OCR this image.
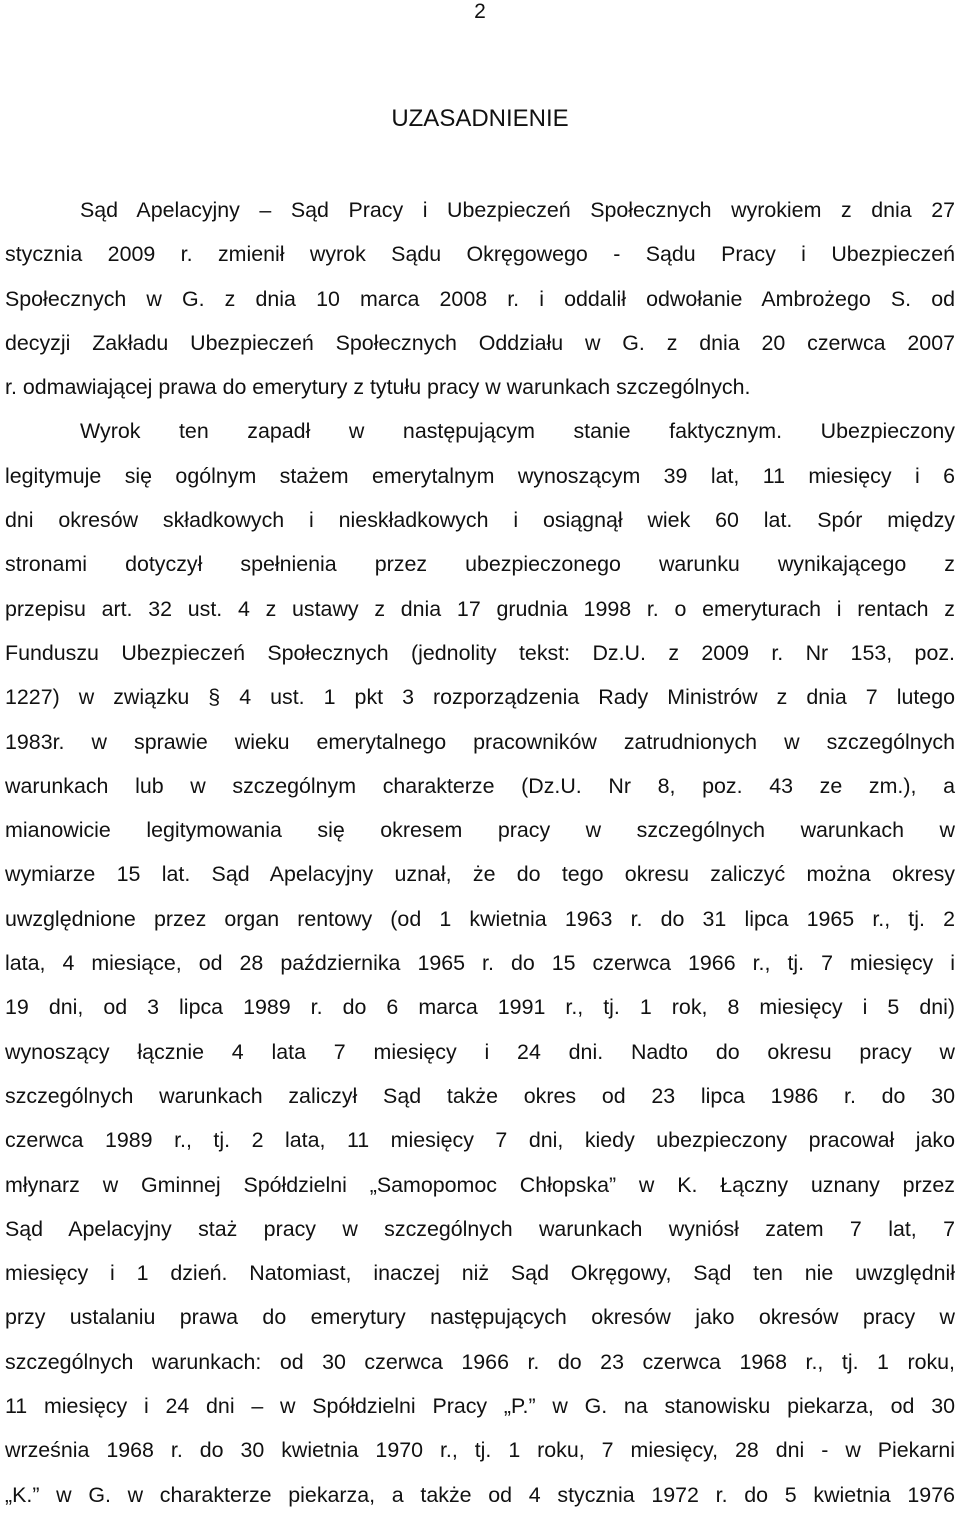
2
UZASADNIENIE
Sąd Apelacyjny – Sąd Pracy i Ubezpieczeń Społecznych wyrokiem z dnia 27
stycznia 2009 r. zmienił wyrok Sądu Okręgowego - Sądu Pracy i Ubezpieczeń
Społecznych w G. z dnia 10 marca 2008 r. i oddalił odwołanie Ambrożego S. od
decyzji Zakładu Ubezpieczeń Społecznych Oddziału w G. z dnia 20 czerwca 2007
r. odmawiającej prawa do emerytury z tytułu pracy w warunkach szczególnych.
Wyrok ten zapadł w następującym stanie faktycznym. Ubezpieczony
legitymuje się ogólnym stażem emerytalnym wynoszącym 39 lat, 11 miesięcy i 6
dni okresów składkowych i nieskładkowych i osiągnął wiek 60 lat. Spór między
stronami dotyczył spełnienia przez ubezpieczonego warunku wynikającego z
przepisu art. 32 ust. 4 z ustawy z dnia 17 grudnia 1998 r. o emeryturach i rentach z
Funduszu Ubezpieczeń Społecznych (jednolity tekst: Dz.U. z 2009 r. Nr 153, poz.
1227) w związku § 4 ust. 1 pkt 3 rozporządzenia Rady Ministrów z dnia 7 lutego
1983r. w sprawie wieku emerytalnego pracowników zatrudnionych w szczególnych
warunkach lub w szczególnym charakterze (Dz.U. Nr 8, poz. 43 ze zm.), a
mianowicie legitymowania się okresem pracy w szczególnych warunkach w
wymiarze 15 lat. Sąd Apelacyjny uznał, że do tego okresu zaliczyć można okresy
uwzględnione przez organ rentowy (od 1 kwietnia 1963 r. do 31 lipca 1965 r., tj. 2
lata, 4 miesiące, od 28 października 1965 r. do 15 czerwca 1966 r., tj. 7 miesięcy i
19 dni, od 3 lipca 1989 r. do 6 marca 1991 r., tj. 1 rok, 8 miesięcy i 5 dni)
wynoszący łącznie 4 lata 7 miesięcy i 24 dni. Nadto do okresu pracy w
szczególnych warunkach zaliczył Sąd także okres od 23 lipca 1986 r. do 30
czerwca 1989 r., tj. 2 lata, 11 miesięcy 7 dni, kiedy ubezpieczony pracował jako
młynarz w Gminnej Spółdzielni „Samopomoc Chłopska” w K. Łączny uznany przez
Sąd Apelacyjny staż pracy w szczególnych warunkach wyniósł zatem 7 lat, 7
miesięcy i 1 dzień. Natomiast, inaczej niż Sąd Okręgowy, Sąd ten nie uwzględnił
przy ustalaniu prawa do emerytury następujących okresów jako okresów pracy w
szczególnych warunkach: od 30 czerwca 1966 r. do 23 czerwca 1968 r., tj. 1 roku,
11 miesięcy i 24 dni – w Spółdzielni Pracy „P.” w G. na stanowisku piekarza, od 30
września 1968 r. do 30 kwietnia 1970 r., tj. 1 roku, 7 miesięcy, 28 dni - w Piekarni
„K.” w G. w charakterze piekarza, a także od 4 stycznia 1972 r. do 5 kwietnia 1976
